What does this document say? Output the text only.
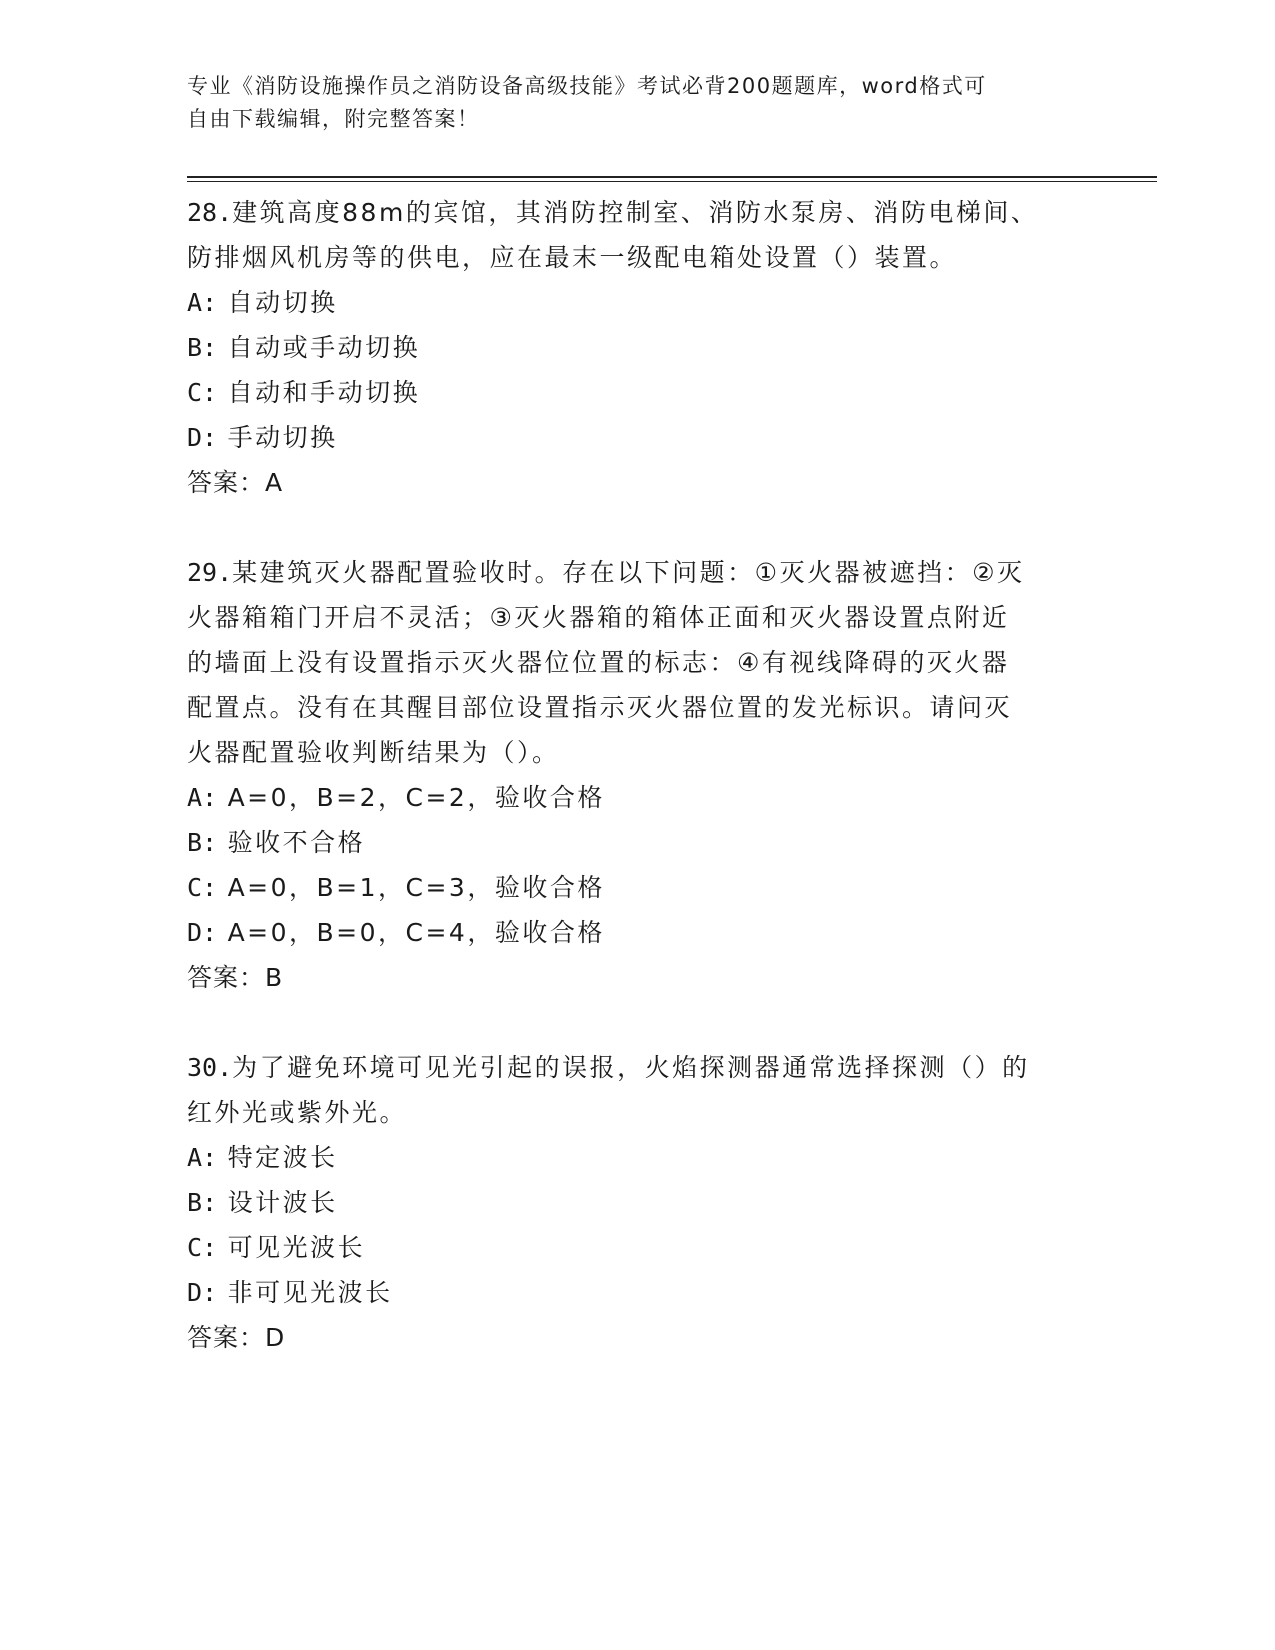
专业《消防设施操作员之消防设备高级技能》考试必背200题题库，word格式可
自由下载编辑，附完整答案！

28.建筑高度88m的宾馆，其消防控制室、消防水泵房、消防电梯间、

防排烟风机房等的供电，应在最末一级配电箱处设置（）装置。

A: 自动切换

B: 自动或手动切换

C: 自动和手动切换

D: 手动切换

答案：A

29.某建筑灭火器配置验收时。存在以下问题：①灭火器被遮挡：②灭

火器箱箱门开启不灵活；③灭火器箱的箱体正面和灭火器设置点附近

的墙面上没有设置指示灭火器位位置的标志：④有视线降碍的灭火器

配置点。没有在其醒目部位设置指示灭火器位置的发光标识。请问灭

火器配置验收判断结果为（）。

A: A=0，B=2，C=2，验收合格

B: 验收不合格

C: A=0，B=1，C=3，验收合格

D: A=0，B=0，C=4，验收合格

答案：B

30.为了避免环境可见光引起的误报，火焰探测器通常选择探测（）的

红外光或紫外光。

A: 特定波长

B: 设计波长

C: 可见光波长

D: 非可见光波长

答案：D
